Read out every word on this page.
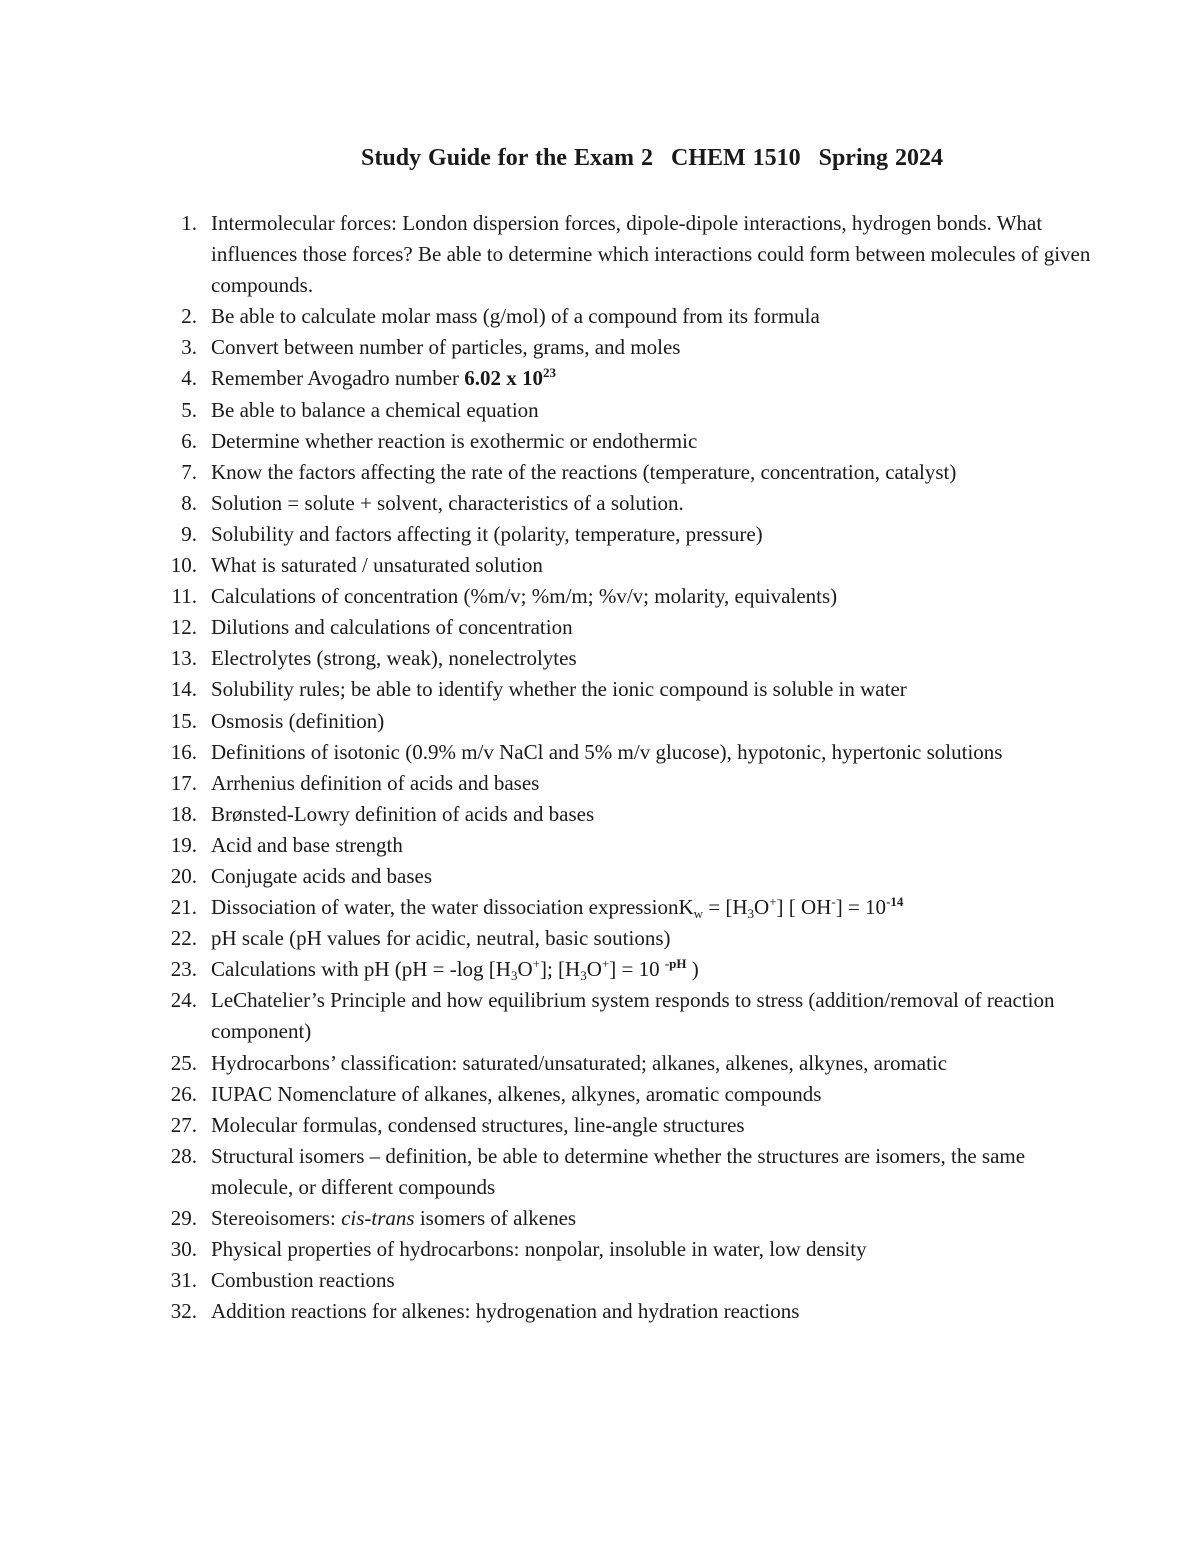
Study Guide for the Exam 2 CHEM 1510 Spring 2024
1. Intermolecular forces: London dispersion forces, dipole-dipole interactions, hydrogen bonds. What influences those forces? Be able to determine which interactions could form between molecules of given compounds.
2. Be able to calculate molar mass (g/mol) of a compound from its formula
3. Convert between number of particles, grams, and moles
4. Remember Avogadro number 6.02 x $10^{23}$
5. Be able to balance a chemical equation
6. Determine whether reaction is exothermic or endothermic
7. Know the factors affecting the rate of the reactions (temperature, concentration, catalyst)
8. Solution = solute + solvent, characteristics of a solution.
9. Solubility and factors affecting it (polarity, temperature, pressure)
10. What is saturated / unsaturated solution
11. Calculations of concentration (%m/v; %m/m; %v/v; molarity, equivalents)
12. Dilutions and calculations of concentration
13. Electrolytes (strong, weak), nonelectrolytes
14. Solubility rules; be able to identify whether the ionic compound is soluble in water
15. Osmosis (definition)
16. Definitions of isotonic (0.9% m/v NaCl and 5% m/v glucose), hypotonic, hypertonic solutions
17. Arrhenius definition of acids and bases
18. Brønsted-Lowry definition of acids and bases
19. Acid and base strength
20. Conjugate acids and bases
21. Dissociation of water, the water dissociation expressionK$_w$ = $[H_3O^+]$ [ $OH^-] = 10^{-14}$
22. pH scale (pH values for acidic, neutral, basic soutions)
23. Calculations with pH (pH = -log $[H_3O^+]$; $[H_3O^+] = 10$ $^{-pH}$ )
24. LeChatelier’s Principle and how equilibrium system responds to stress (addition/removal of reaction component)
25. Hydrocarbons’ classification: saturated/unsaturated; alkanes, alkenes, alkynes, aromatic
26. IUPAC Nomenclature of alkanes, alkenes, alkynes, aromatic compounds
27. Molecular formulas, condensed structures, line-angle structures
28. Structural isomers – definition, be able to determine whether the structures are isomers, the same molecule, or different compounds
29. Stereoisomers: cis-trans isomers of alkenes
30. Physical properties of hydrocarbons: nonpolar, insoluble in water, low density
31. Combustion reactions
32. Addition reactions for alkenes: hydrogenation and hydration reactions
